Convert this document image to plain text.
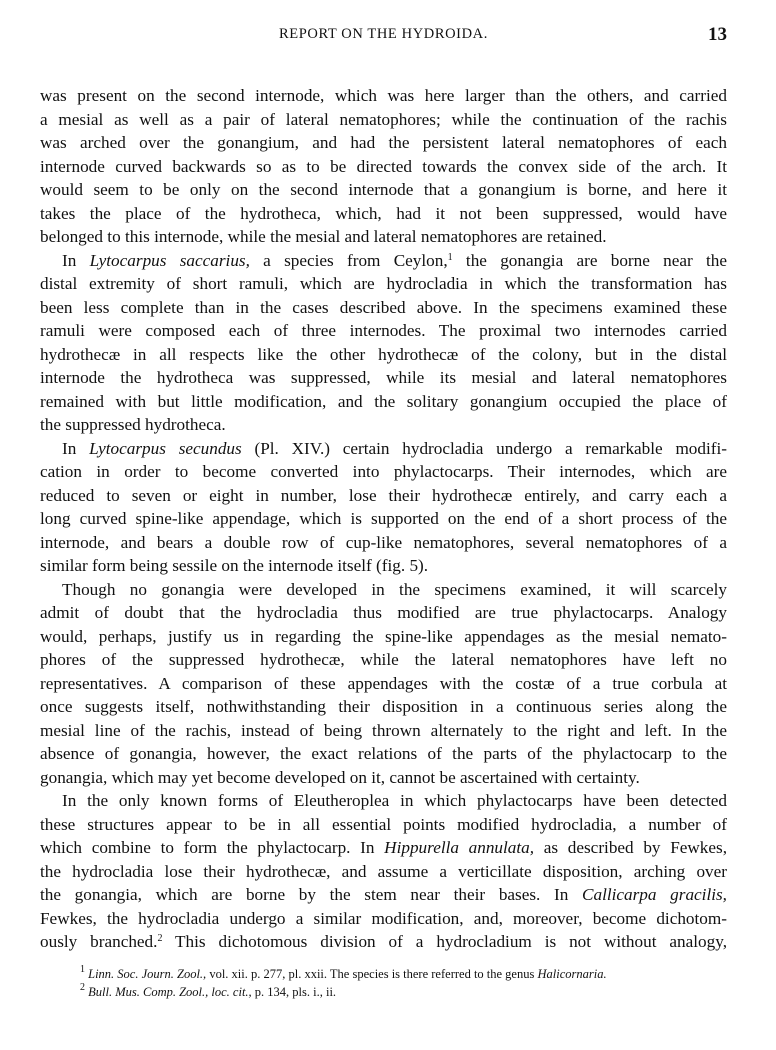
REPORT ON THE HYDROIDA.	13
was present on the second internode, which was here larger than the others, and carried
a mesial as well as a pair of lateral nematophores; while the continuation of the rachis
was arched over the gonangium, and had the persistent lateral nematophores of each
internode curved backwards so as to be directed towards the convex side of the arch. It
would seem to be only on the second internode that a gonangium is borne, and here it
takes the place of the hydrotheca, which, had it not been suppressed, would have
belonged to this internode, while the mesial and lateral nematophores are retained.
In Lytocarpus saccarius, a species from Ceylon,$^1$ the gonangia are borne near the
distal extremity of short ramuli, which are hydrocladia in which the transformation has
been less complete than in the cases described above. In the specimens examined these
ramuli were composed each of three internodes. The proximal two internodes carried
hydrothecæ in all respects like the other hydrothecæ of the colony, but in the distal
internode the hydrotheca was suppressed, while its mesial and lateral nematophores
remained with but little modification, and the solitary gonangium occupied the place of
the suppressed hydrotheca.
In Lytocarpus secundus (Pl. XIV.) certain hydrocladia undergo a remarkable modifi-
cation in order to become converted into phylactocarps. Their internodes, which are
reduced to seven or eight in number, lose their hydrothecæ entirely, and carry each a
long curved spine-like appendage, which is supported on the end of a short process of the
internode, and bears a double row of cup-like nematophores, several nematophores of a
similar form being sessile on the internode itself (fig. 5).
Though no gonangia were developed in the specimens examined, it will scarcely
admit of doubt that the hydrocladia thus modified are true phylactocarps. Analogy
would, perhaps, justify us in regarding the spine-like appendages as the mesial nemato-
phores of the suppressed hydrothecæ, while the lateral nematophores have left no
representatives. A comparison of these appendages with the costæ of a true corbula at
once suggests itself, nothwithstanding their disposition in a continuous series along the
mesial line of the rachis, instead of being thrown alternately to the right and left. In the
absence of gonangia, however, the exact relations of the parts of the phylactocarp to the
gonangia, which may yet become developed on it, cannot be ascertained with certainty.
In the only known forms of Eleutheroplea in which phylactocarps have been detected
these structures appear to be in all essential points modified hydrocladia, a number of
which combine to form the phylactocarp. In Hippurella annulata, as described by Fewkes,
the hydrocladia lose their hydrothecæ, and assume a verticillate disposition, arching over
the gonangia, which are borne by the stem near their bases. In Callicarpa gracilis,
Fewkes, the hydrocladia undergo a similar modification, and, moreover, become dichotom-
ously branched.$^2$ This dichotomous division of a hydrocladium is not without analogy,
$^1$ Linn. Soc. Journ. Zool., vol. xii. p. 277, pl. xxii. The species is there referred to the genus Halicornaria.
$^2$ Bull. Mus. Comp. Zool., loc. cit., p. 134, pls. i., ii.
